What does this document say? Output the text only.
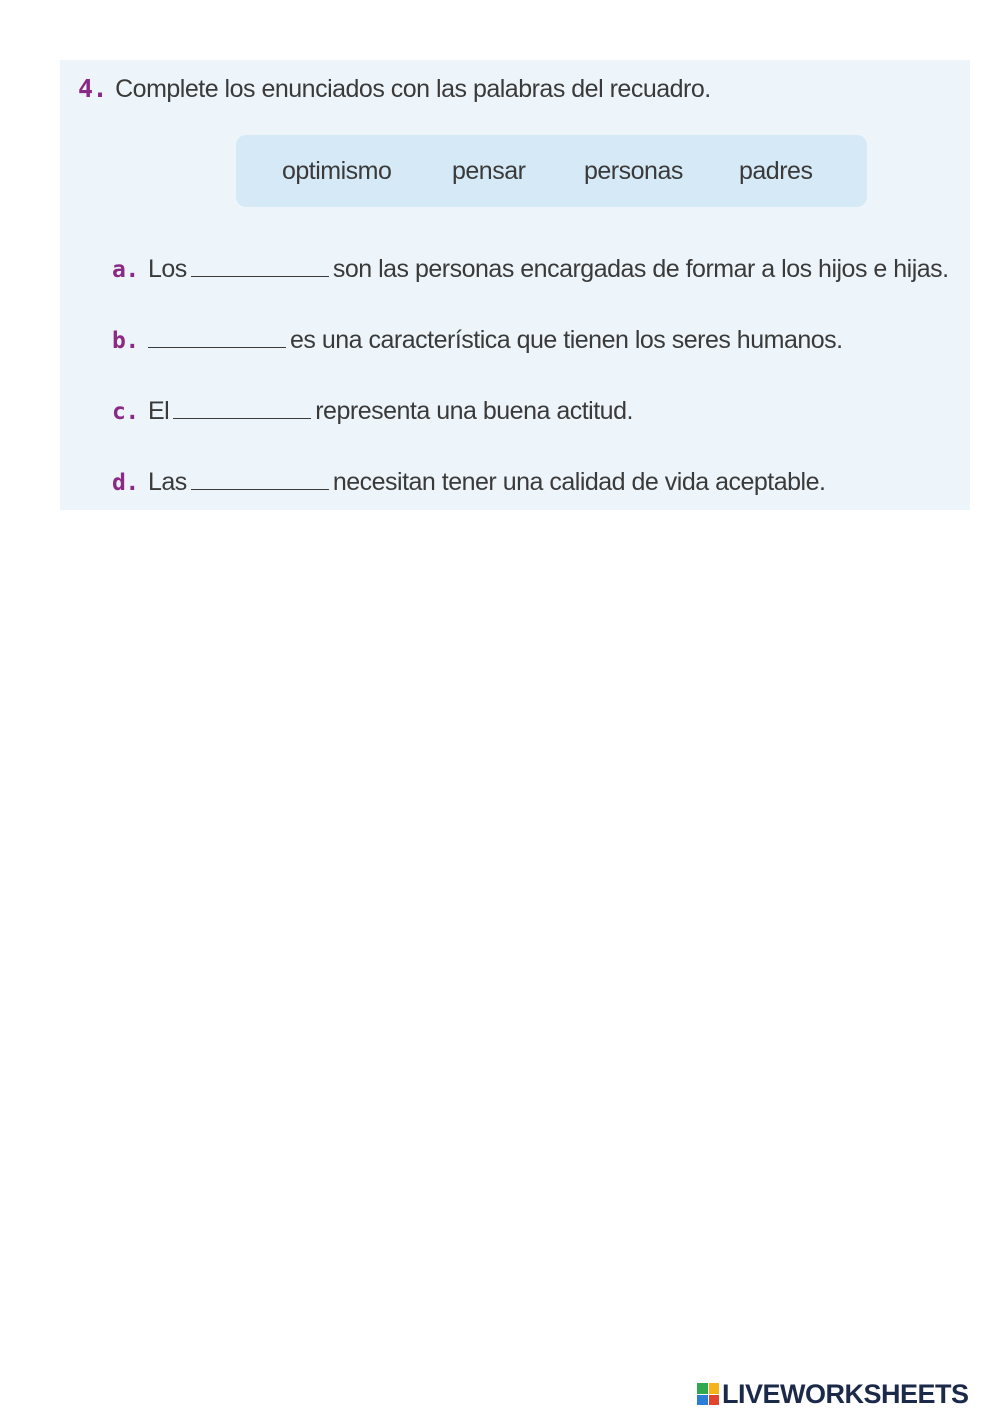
4. Complete los enunciados con las palabras del recuadro.
optimismo pensar personas padres
a. Los	son las personas encargadas de formar a los hijos e hijas.
b.	es una característica que tienen los seres humanos.
c. El	representa una buena actitud.
d. Las	necesitan tener una calidad de vida aceptable.
LIVEWORKSHEETS
